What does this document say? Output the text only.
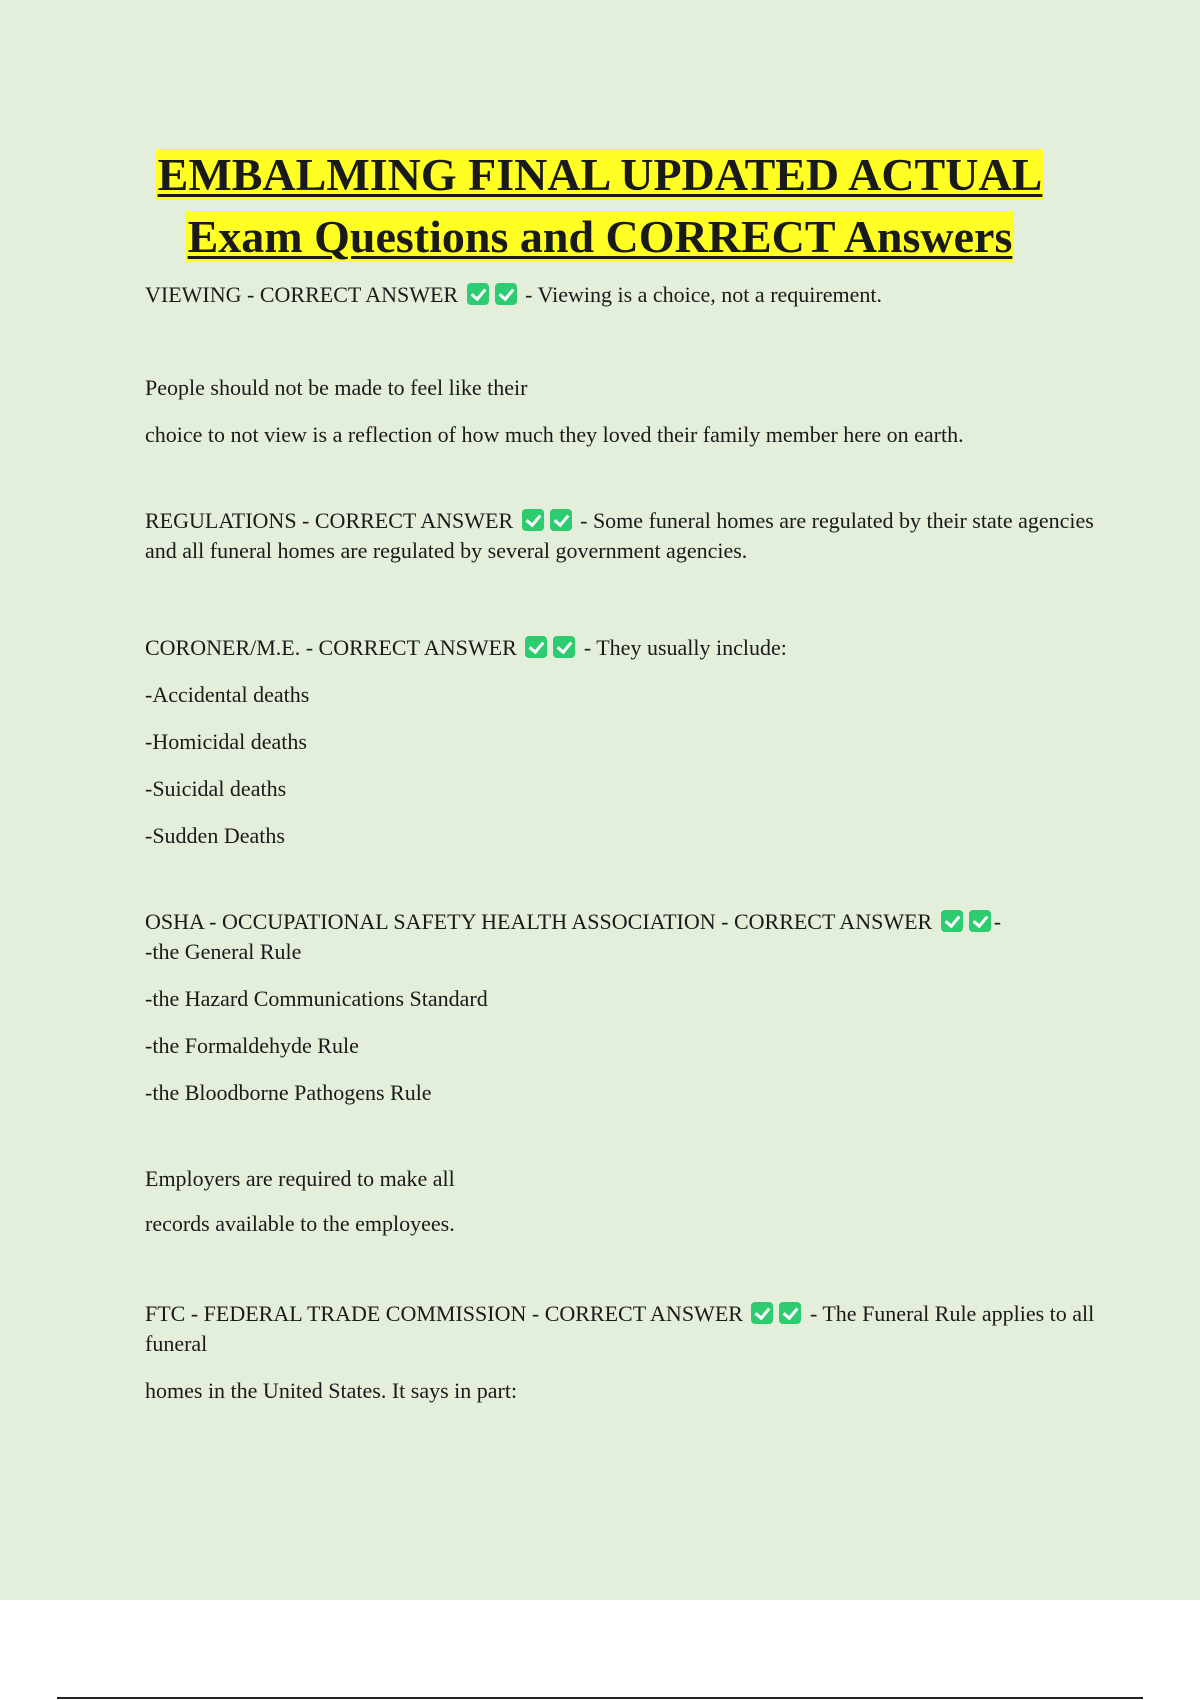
EMBALMING FINAL UPDATED ACTUAL
Exam Questions and CORRECT Answers

VIEWING - CORRECT ANSWER	- Viewing is a choice, not a requirement.

People should not be made to feel like their

choice to not view is a reflection of how much they loved their family member here on earth.

REGULATIONS - CORRECT ANSWER	- Some funeral homes are regulated by their state agencies and all funeral homes are regulated by several government agencies.

CORONER/M.E. - CORRECT ANSWER	- They usually include:

-Accidental deaths

-Homicidal deaths

-Suicidal deaths

-Sudden Deaths

OSHA - OCCUPATIONAL SAFETY HEALTH ASSOCIATION - CORRECT ANSWER	-

-the General Rule

-the Hazard Communications Standard

-the Formaldehyde Rule

-the Bloodborne Pathogens Rule

Employers are required to make all

records available to the employees.

FTC - FEDERAL TRADE COMMISSION - CORRECT ANSWER	- The Funeral Rule applies to all funeral

homes in the United States. It says in part:
